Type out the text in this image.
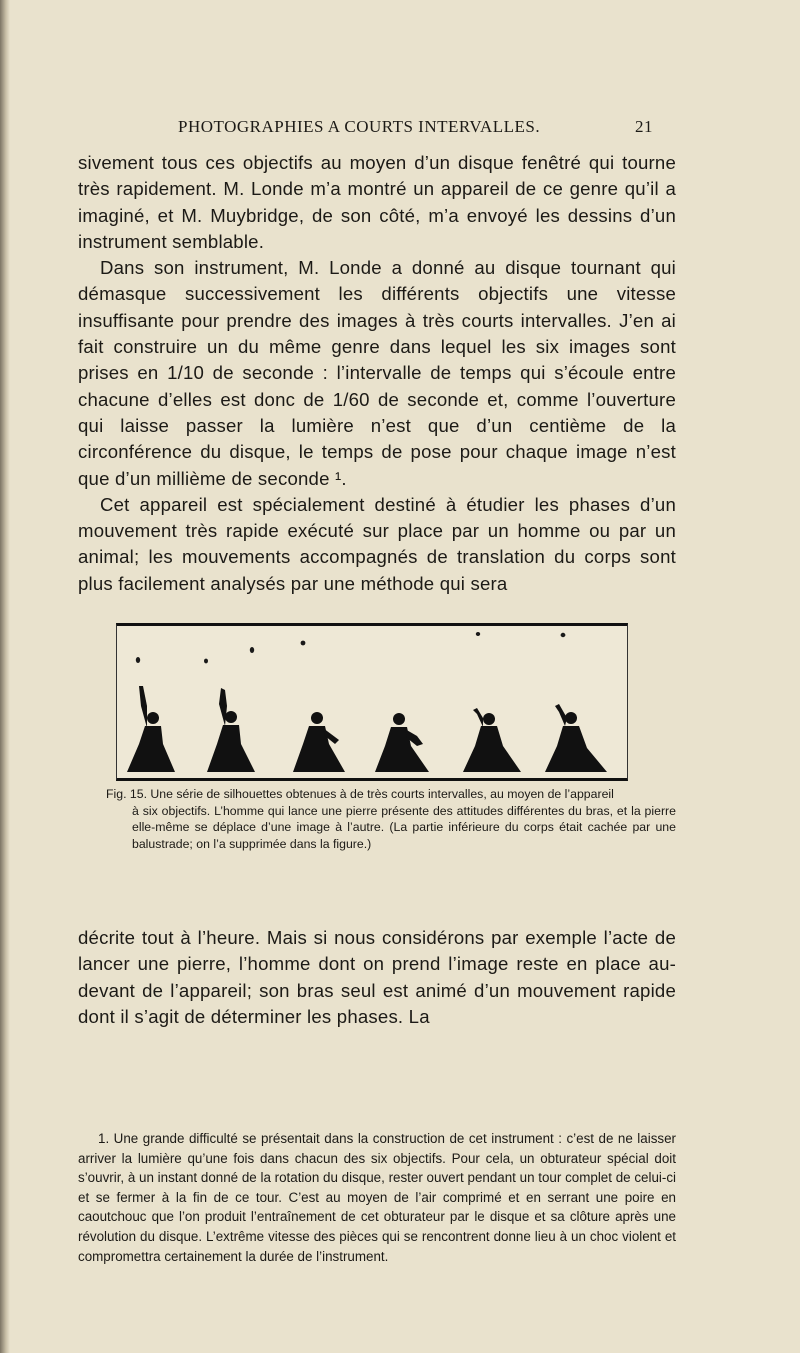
PHOTOGRAPHIES A COURTS INTERVALLES.	21

sivement tous ces objectifs au moyen d’un disque fenêtré qui tourne très rapidement. M. Londe m’a montré un appareil de ce genre qu’il a imaginé, et M. Muybridge, de son côté, m’a envoyé les dessins d’un instrument semblable.

Dans son instrument, M. Londe a donné au disque tournant qui démasque successivement les différents objectifs une vitesse insuffisante pour prendre des images à très courts intervalles. J’en ai fait construire un du même genre dans lequel les six images sont prises en 1/10 de seconde : l’intervalle de temps qui s’écoule entre chacune d’elles est donc de 1/60 de seconde et, comme l’ouverture qui laisse passer la lumière n’est que d’un centième de la circonférence du disque, le temps de pose pour chaque image n’est que d’un millième de seconde ¹.

Cet appareil est spécialement destiné à étudier les phases d’un mouvement très rapide exécuté sur place par un homme ou par un animal; les mouvements accompagnés de translation du corps sont plus facilement analysés par une méthode qui sera

Fig. 15. Une série de silhouettes obtenues à de très courts intervalles, au moyen de l’appareil

à six objectifs. L’homme qui lance une pierre présente des attitudes différentes du bras, et la pierre elle-même se déplace d’une image à l’autre. (La partie inférieure du corps était cachée par une balustrade; on l’a supprimée dans la figure.)

décrite tout à l’heure. Mais si nous considérons par exemple l’acte de lancer une pierre, l’homme dont on prend l’image reste en place au-devant de l’appareil; son bras seul est animé d’un mouvement rapide dont il s’agit de déterminer les phases. La

1. Une grande difficulté se présentait dans la construction de cet instrument : c’est de ne laisser arriver la lumière qu’une fois dans chacun des six objectifs. Pour cela, un obturateur spécial doit s’ouvrir, à un instant donné de la rotation du disque, rester ouvert pendant un tour complet de celui-ci et se fermer à la fin de ce tour. C’est au moyen de l’air comprimé et en serrant une poire en caoutchouc que l’on produit l’entraînement de cet obturateur par le disque et sa clôture après une révolution du disque. L’extrême vitesse des pièces qui se rencontrent donne lieu à un choc violent et compromettra certainement la durée de l’instrument.
